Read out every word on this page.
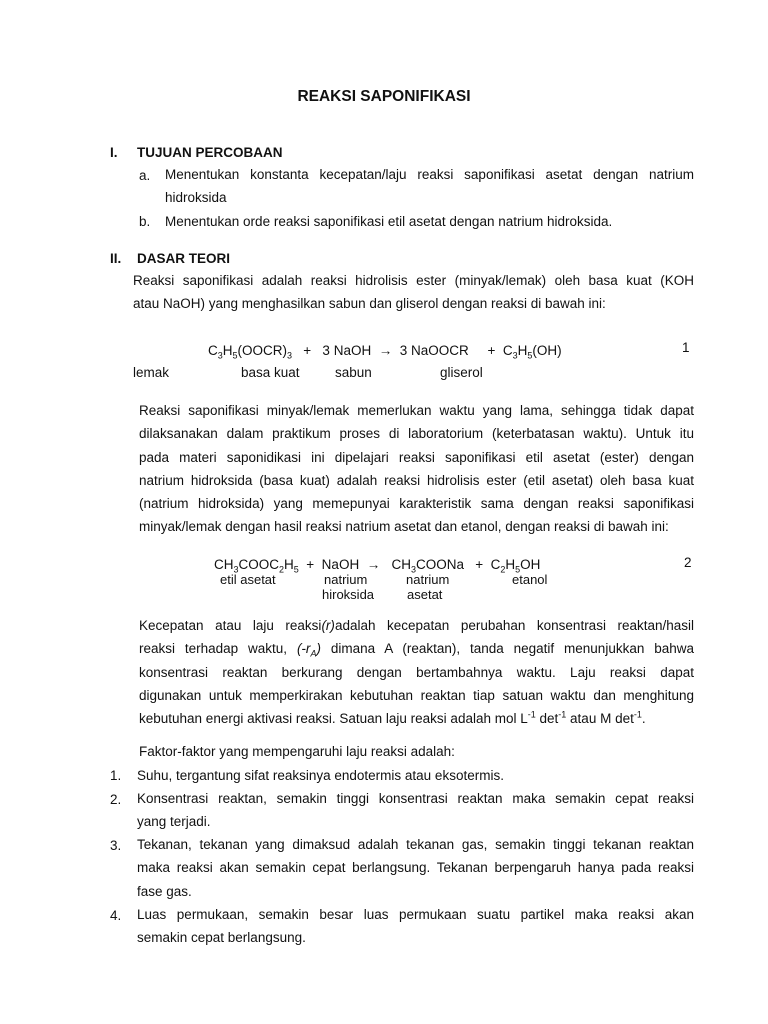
REAKSI SAPONIFIKASI
I. TUJUAN PERCOBAAN
a. Menentukan konstanta kecepatan/laju reaksi saponifikasi asetat dengan natrium
hidroksida
b. Menentukan orde reaksi saponifikasi etil asetat dengan natrium hidroksida.
II. DASAR TEORI
Reaksi saponifikasi adalah reaksi hidrolisis ester (minyak/lemak) oleh basa kuat (KOH
atau NaOH) yang menghasilkan sabun dan gliserol dengan reaksi di bawah ini:
$C_3H_5(OOCR)_3 + 3$ NaOH  →  3 NaOOCR     +  $C_3H_5(OH)$	1
lemak	basa kuat	sabun	gliserol
Reaksi saponifikasi minyak/lemak memerlukan waktu yang lama, sehingga tidak dapat
dilaksanakan dalam praktikum proses di laboratorium (keterbatasan waktu). Untuk itu
pada materi saponidikasi ini dipelajari reaksi saponifikasi etil asetat (ester) dengan
natrium hidroksida (basa kuat) adalah reaksi hidrolisis ester (etil asetat) oleh basa kuat
(natrium hidroksida) yang memepunyai karakteristik sama dengan reaksi saponifikasi
minyak/lemak dengan hasil reaksi natrium asetat dan etanol, dengan reaksi di bawah ini:
$CH_3COOC_2H_5$  +  NaOH  →   $CH_3COONa + C_2H_5OH$	2
etil asetat	natrium
hiroksida
natrium
asetat
etanol
Kecepatan atau laju reaksi(r)adalah kecepatan perubahan konsentrasi reaktan/hasil
reaksi terhadap waktu, $(-r_A)$ dimana A (reaktan), tanda negatif menunjukkan bahwa
konsentrasi reaktan berkurang dengan bertambahnya waktu. Laju reaksi dapat
digunakan untuk memperkirakan kebutuhan reaktan tiap satuan waktu dan menghitung
kebutuhan energi aktivasi reaksi. Satuan laju reaksi adalah mol $L^{-1}$ $\det^{-1}$ atau M $\det^{-1}$.
Faktor-faktor yang mempengaruhi laju reaksi adalah:
1. Suhu, tergantung sifat reaksinya endotermis atau eksotermis.
2. Konsentrasi reaktan, semakin tinggi konsentrasi reaktan maka semakin cepat reaksi
yang terjadi.
3. Tekanan, tekanan yang dimaksud adalah tekanan gas, semakin tinggi tekanan reaktan
maka reaksi akan semakin cepat berlangsung. Tekanan berpengaruh hanya pada reaksi
fase gas.
4. Luas permukaan, semakin besar luas permukaan suatu partikel maka reaksi akan
semakin cepat berlangsung.
